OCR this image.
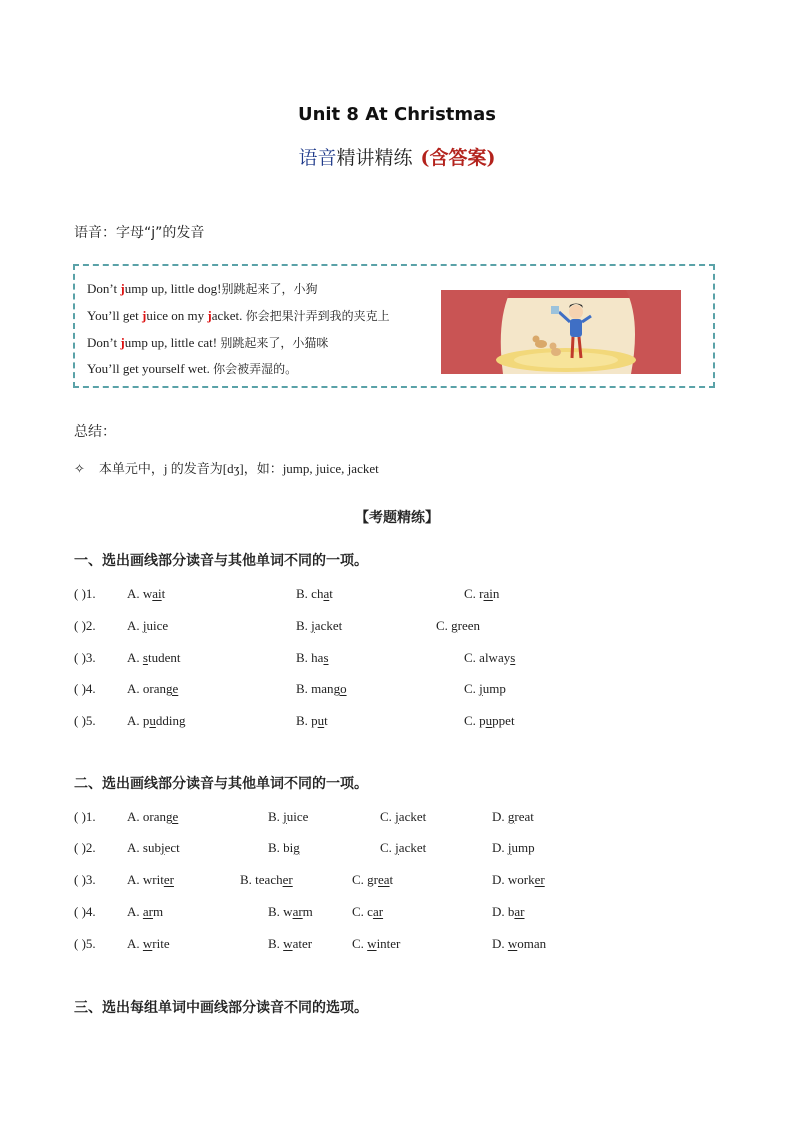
Unit 8 At Christmas
语音精讲精练 (含答案)
语音：字母“j”的发音
Don’t jump up, little dog!别跳起来了，小狗
You’ll get juice on my jacket. 你会把果汁弄到我的夹克上
Don’t jump up, little cat! 别跳起来了，小猫咪
You’ll get yourself wet. 你会被弄湿的。
总结：
✧ 本单元中，j 的发音为[dʒ]，如：jump, juice, jacket
【考题精练】
一、选出画线部分读音与其他单词不同的一项。
( )1. A. wait	B. chat	C. rain
( )2. A. juice	B. jacket	C. green
( )3. A. student	B. has	C. always
( )4. A. orange	B. mango	C. jump
( )5. A. pudding	B. put	C. puppet
二、选出画线部分读音与其他单词不同的一项。
( )1. A. orange	B. juice	C. jacket	D. great
( )2. A. subject	B. big	C. jacket	D. jump
( )3. A. writer	B. teacher	C. great	D. worker
( )4. A. arm	B. warm	C. car	D. bar
( )5. A. write	B. water	C. winter	D. woman
三、选出每组单词中画线部分读音不同的选项。
